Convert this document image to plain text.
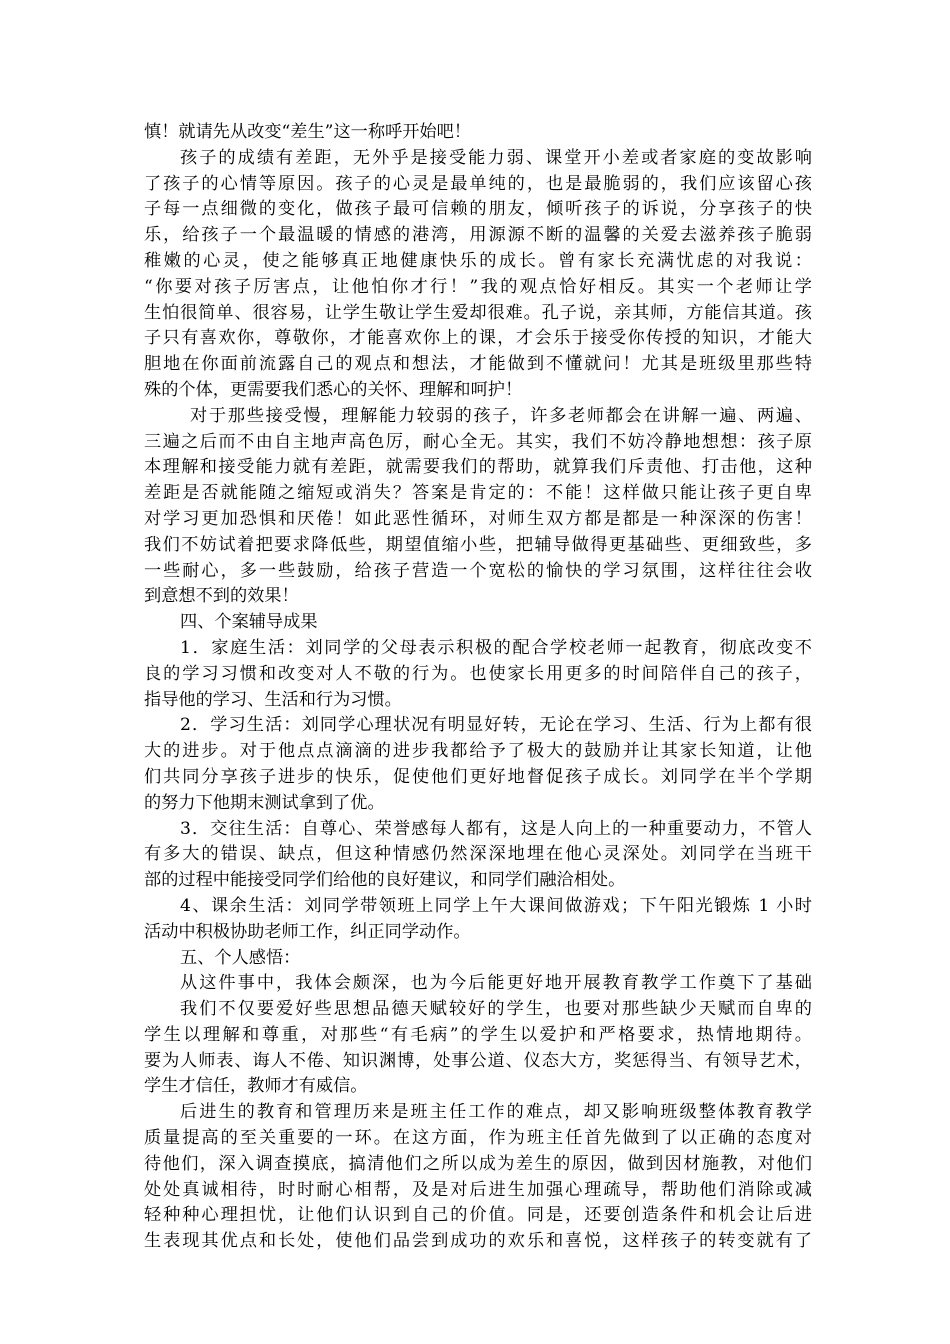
慎！就请先从改变“差生”这一称呼开始吧！
孩子的成绩有差距，无外乎是接受能力弱、课堂开小差或者家庭的变故影响
了孩子的心情等原因。孩子的心灵是最单纯的，也是最脆弱的，我们应该留心孩
子每一点细微的变化，做孩子最可信赖的朋友，倾听孩子的诉说，分享孩子的快
乐，给孩子一个最温暖的情感的港湾，用源源不断的温馨的关爱去滋养孩子脆弱
稚嫩的心灵，使之能够真正地健康快乐的成长。曾有家长充满忧虑的对我说：
“你要对孩子厉害点，让他怕你才行！”我的观点恰好相反。其实一个老师让学
生怕很简单、很容易，让学生敬让学生爱却很难。孔子说，亲其师，方能信其道。孩
子只有喜欢你，尊敬你，才能喜欢你上的课，才会乐于接受你传授的知识，才能大
胆地在你面前流露自己的观点和想法，才能做到不懂就问！尤其是班级里那些特
殊的个体，更需要我们悉心的关怀、理解和呵护！
对于那些接受慢，理解能力较弱的孩子，许多老师都会在讲解一遍、两遍、
三遍之后而不由自主地声高色厉，耐心全无。其实，我们不妨冷静地想想：孩子原
本理解和接受能力就有差距，就需要我们的帮助，就算我们斥责他、打击他，这种
差距是否就能随之缩短或消失？答案是肯定的：不能！这样做只能让孩子更自卑
对学习更加恐惧和厌倦！如此恶性循环，对师生双方都是都是一种深深的伤害！
我们不妨试着把要求降低些，期望值缩小些，把辅导做得更基础些、更细致些，多
一些耐心，多一些鼓励，给孩子营造一个宽松的愉快的学习氛围，这样往往会收
到意想不到的效果！
四、个案辅导成果
1．家庭生活：刘同学的父母表示积极的配合学校老师一起教育，彻底改变不
良的学习习惯和改变对人不敬的行为。也使家长用更多的时间陪伴自己的孩子，
指导他的学习、生活和行为习惯。
2．学习生活：刘同学心理状况有明显好转，无论在学习、生活、行为上都有很
大的进步。对于他点点滴滴的进步我都给予了极大的鼓励并让其家长知道，让他
们共同分享孩子进步的快乐，促使他们更好地督促孩子成长。刘同学在半个学期
的努力下他期末测试拿到了优。
3．交往生活：自尊心、荣誉感每人都有，这是人向上的一种重要动力，不管人
有多大的错误、缺点，但这种情感仍然深深地埋在他心灵深处。刘同学在当班干
部的过程中能接受同学们给他的良好建议，和同学们融洽相处。
4、课余生活：刘同学带领班上同学上午大课间做游戏；下午阳光锻炼 1 小时
活动中积极协助老师工作，纠正同学动作。
五、个人感悟：
从这件事中，我体会颇深，也为今后能更好地开展教育教学工作奠下了基础
我们不仅要爱好些思想品德天赋较好的学生，也要对那些缺少天赋而自卑的
学生以理解和尊重，对那些“有毛病”的学生以爱护和严格要求，热情地期待。
要为人师表、诲人不倦、知识渊博，处事公道、仪态大方，奖惩得当、有领导艺术，
学生才信任，教师才有威信。
后进生的教育和管理历来是班主任工作的难点，却又影响班级整体教育教学
质量提高的至关重要的一环。在这方面，作为班主任首先做到了以正确的态度对
待他们，深入调查摸底，搞清他们之所以成为差生的原因，做到因材施教，对他们
处处真诚相待，时时耐心相帮，及是对后进生加强心理疏导，帮助他们消除或减
轻种种心理担忧，让他们认识到自己的价值。同是，还要创造条件和机会让后进
生表现其优点和长处，使他们品尝到成功的欢乐和喜悦，这样孩子的转变就有了
